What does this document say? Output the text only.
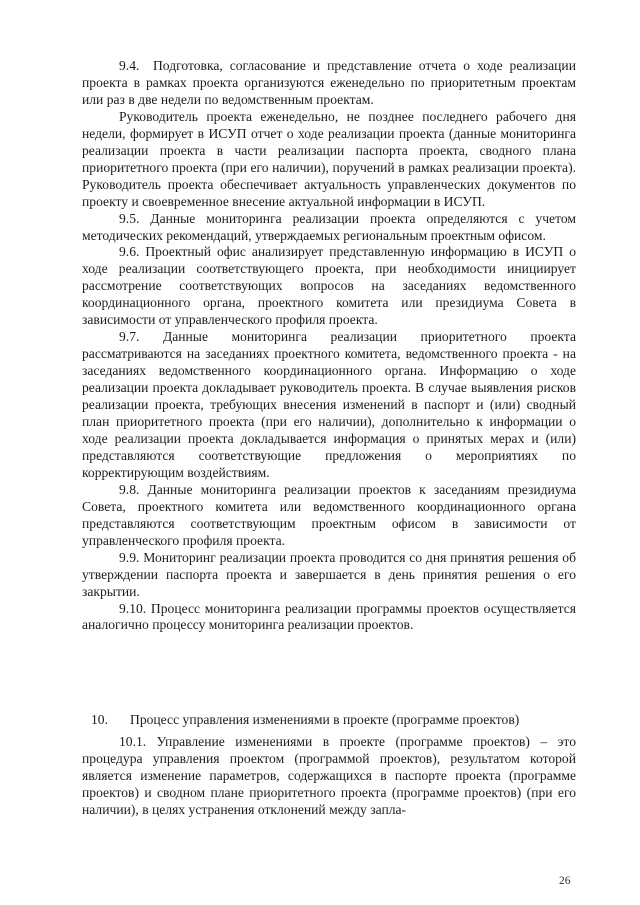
9.4. Подготовка, согласование и представление отчета о ходе реализации проекта в рамках проекта организуются еженедельно по приоритетным проектам или раз в две недели по ведомственным проектам.

Руководитель проекта еженедельно, не позднее последнего рабочего дня недели, формирует в ИСУП отчет о ходе реализации проекта (данные мониторинга реализации проекта в части реализации паспорта проекта, сводного плана приоритетного проекта (при его наличии), поручений в рамках реализации проекта). Руководитель проекта обеспечивает актуальность управленческих документов по проекту и своевременное внесение актуальной информации в ИСУП.

9.5. Данные мониторинга реализации проекта определяются с учетом методических рекомендаций, утверждаемых региональным проектным офисом.

9.6. Проектный офис анализирует представленную информацию в ИСУП о ходе реализации соответствующего проекта, при необходимости инициирует рассмотрение соответствующих вопросов на заседаниях ведомственного координационного органа, проектного комитета или президиума Совета в зависимости от управленческого профиля проекта.

9.7. Данные мониторинга реализации приоритетного проекта рассматриваются на заседаниях проектного комитета, ведомственного проекта - на заседаниях ведомственного координационного органа. Информацию о ходе реализации проекта докладывает руководитель проекта. В случае выявления рисков реализации проекта, требующих внесения изменений в паспорт и (или) сводный план приоритетного проекта (при его наличии), дополнительно к информации о ходе реализации проекта докладывается информация о принятых мерах и (или) представляются соответствующие предложения о мероприятиях по корректирующим воздействиям.

9.8. Данные мониторинга реализации проектов к заседаниям президиума Совета, проектного комитета или ведомственного координационного органа представляются соответствующим проектным офисом в зависимости от управленческого профиля проекта.

9.9. Мониторинг реализации проекта проводится со дня принятия решения об утверждении паспорта проекта и завершается в день принятия решения о его закрытии.

9.10. Процесс мониторинга реализации программы проектов осуществляется аналогично процессу мониторинга реализации проектов.

10. Процесс управления изменениями в проекте (программе проектов)

10.1. Управление изменениями в проекте (программе проектов) – это процедура управления проектом (программой проектов), результатом которой является изменение параметров, содержащихся в паспорте проекта (программе проектов) и сводном плане приоритетного проекта (программе проектов) (при его наличии), в целях устранения отклонений между запла-

26
